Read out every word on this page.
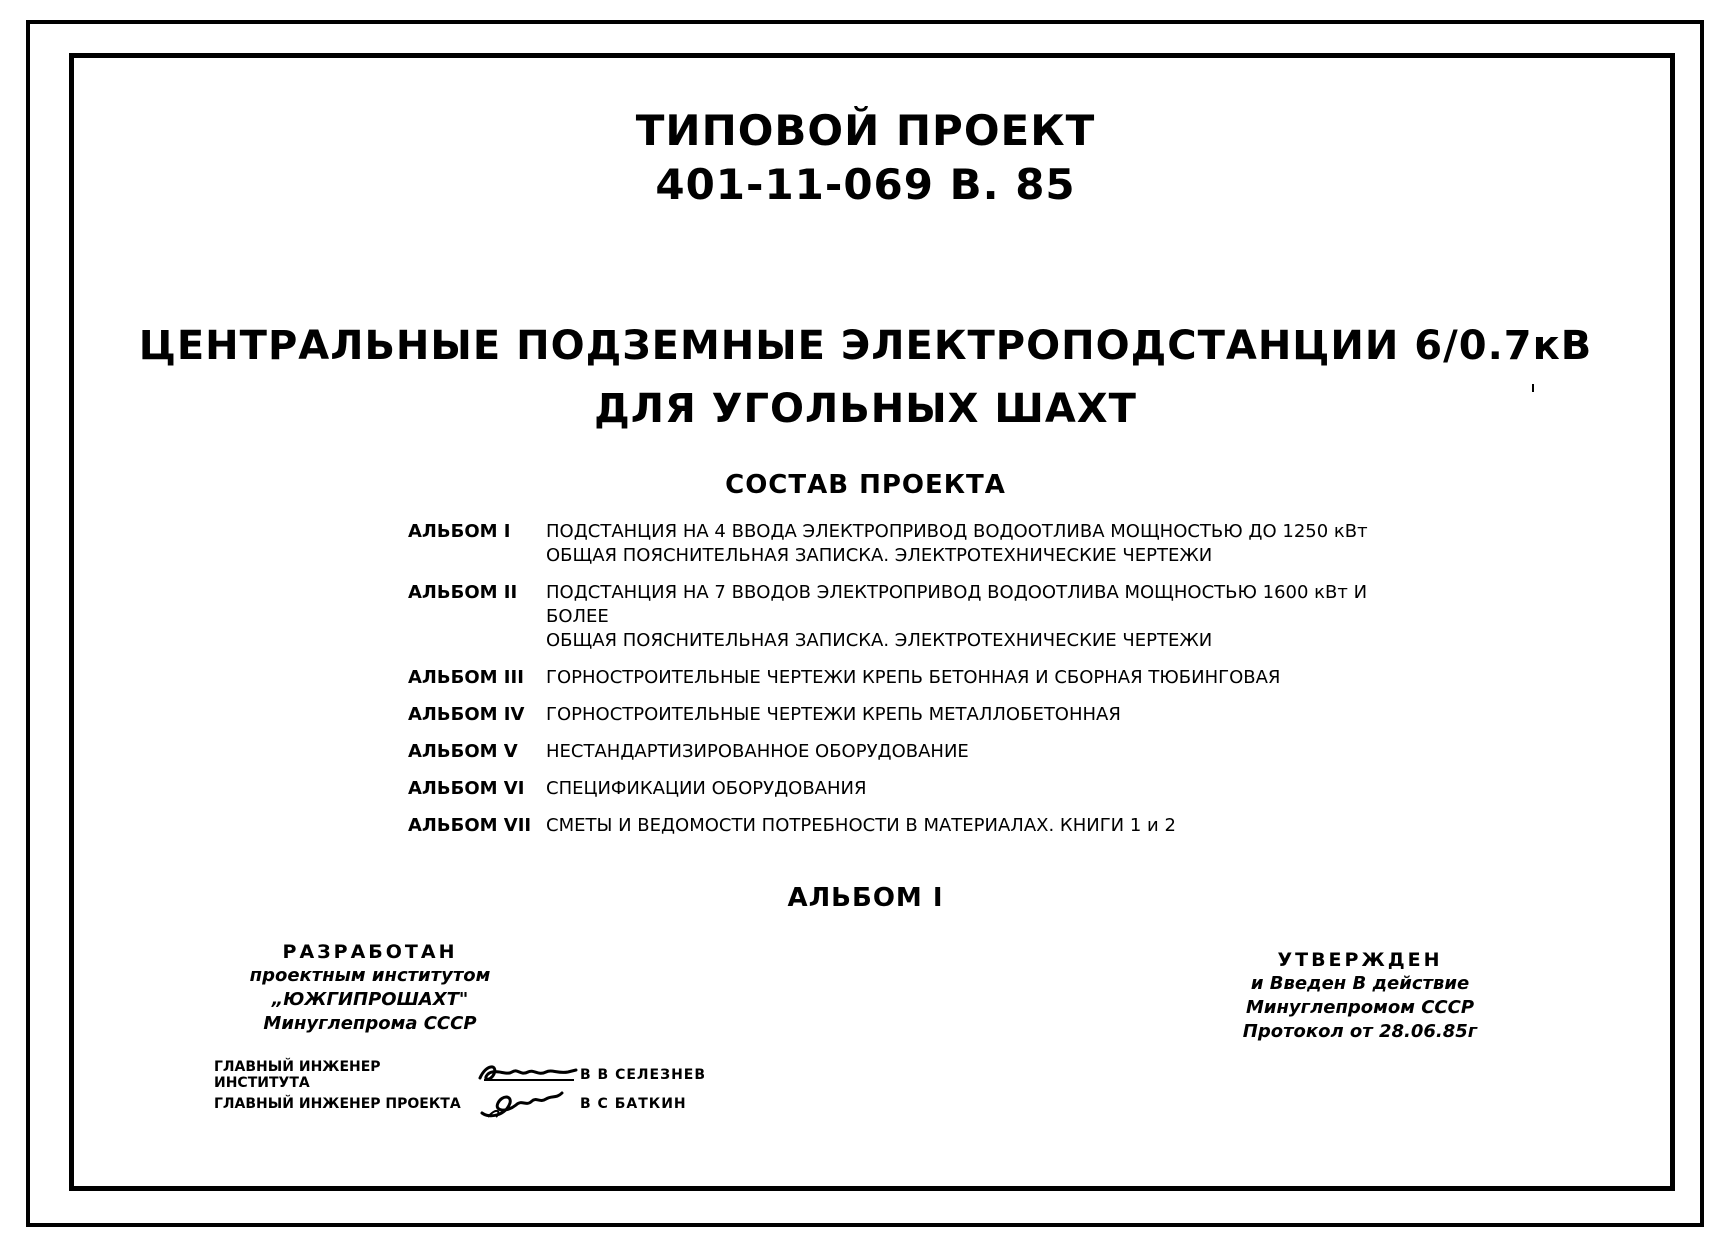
ТИПОВОЙ ПРОЕКТ
401-11-069 В. 85
ЦЕНТРАЛЬНЫЕ ПОДЗЕМНЫЕ ЭЛЕКТРОПОДСТАНЦИИ 6/0.7кВ
ДЛЯ УГОЛЬНЫХ ШАХТ
СОСТАВ ПРОЕКТА
АЛЬБОМ I	ПОДСТАНЦИЯ НА 4 ВВОДА ЭЛЕКТРОПРИВОД ВОДООТЛИВА МОЩНОСТЬЮ ДО 1250 кВт
ОБЩАЯ ПОЯСНИТЕЛЬНАЯ ЗАПИСКА. ЭЛЕКТРОТЕХНИЧЕСКИЕ ЧЕРТЕЖИ
АЛЬБОМ II	ПОДСТАНЦИЯ НА 7 ВВОДОВ ЭЛЕКТРОПРИВОД ВОДООТЛИВА МОЩНОСТЬЮ 1600 кВт И БОЛЕЕ
ОБЩАЯ ПОЯСНИТЕЛЬНАЯ ЗАПИСКА. ЭЛЕКТРОТЕХНИЧЕСКИЕ ЧЕРТЕЖИ
АЛЬБОМ III	ГОРНОСТРОИТЕЛЬНЫЕ ЧЕРТЕЖИ КРЕПЬ БЕТОННАЯ И СБОРНАЯ ТЮБИНГОВАЯ
АЛЬБОМ IV	ГОРНОСТРОИТЕЛЬНЫЕ ЧЕРТЕЖИ КРЕПЬ МЕТАЛЛОБЕТОННАЯ
АЛЬБОМ V	НЕСТАНДАРТИЗИРОВАННОЕ ОБОРУДОВАНИЕ
АЛЬБОМ VI	СПЕЦИФИКАЦИИ ОБОРУДОВАНИЯ
АЛЬБОМ VII СМЕТЫ И ВЕДОМОСТИ ПОТРЕБНОСТИ В МАТЕРИАЛАХ. КНИГИ 1 и 2
АЛЬБОМ I
РАЗРАБОТАН
проектным институтом
„ЮЖГИПРОШАХТ"
Минуглепрома СССР
УТВЕРЖДЕН
и Введен В действие
Минуглепромом СССР
Протокол от 28.06.85г
ГЛАВНЫЙ ИНЖЕНЕР ИНСТИТУТА	В В СЕЛЕЗНЕВ
ГЛАВНЫЙ ИНЖЕНЕР ПРОЕКТА	В С БАТКИН
